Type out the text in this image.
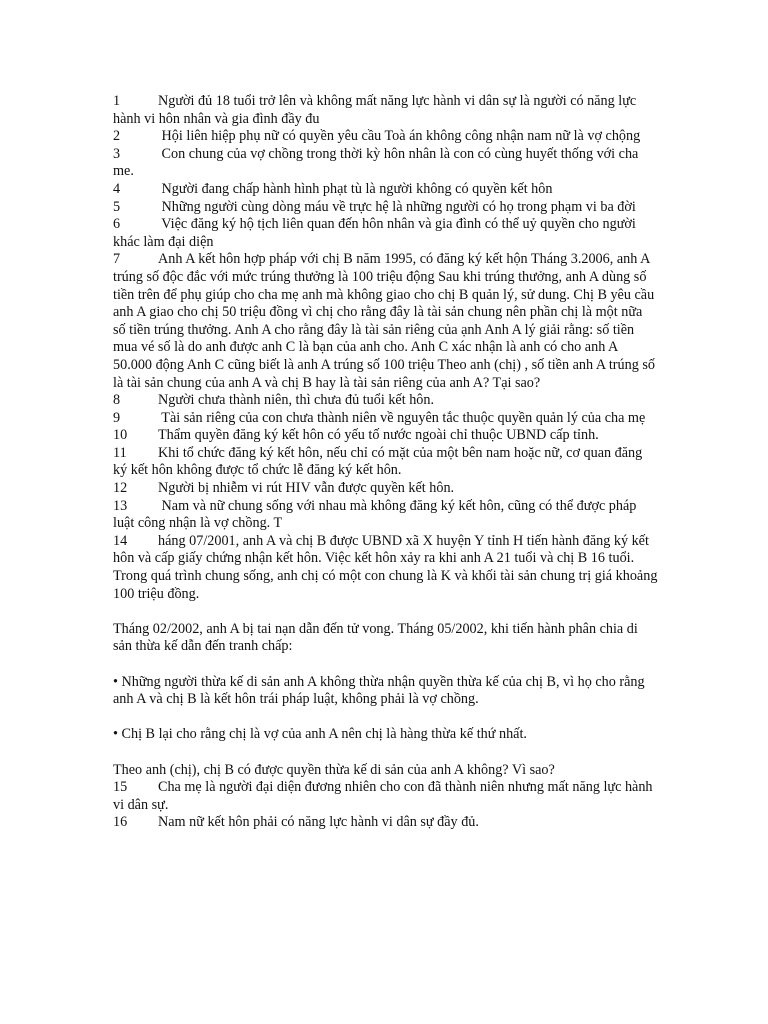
1	Người đủ 18 tuổi trở lên và không mất năng lực hành vi dân sự là người có năng lực hành vi hôn nhân và gia đình đầy đu

2	Hội liên hiệp phụ nữ có quyền yêu cầu Toà án không công nhận nam nữ là vợ chộng

3	Con chung của vợ chồng trong thời kỳ hôn nhân là con có cùng huyết thống với cha me.

4	Người đang chấp hành hình phạt tù là người không có quyền kết hôn

5	Những người cùng dòng máu về trực hệ là những người có họ trong phạm vi ba đời

6	Việc đăng ký hộ tịch liên quan đến hôn nhân và gia đình có thể uỷ quyền cho người khác làm đại diện

7	Anh A kết hôn hợp pháp với chị B năm 1995, có đăng ký kết hộn Tháng 3.2006, anh A trúng số độc đắc với mức trúng thưởng là 100 triệu động Sau khi trúng thưởng, anh A dùng số tiền trên để phụ giúp cho cha mẹ anh mà không giao cho chị B quản lý, sử dung. Chị B yêu cầu anh A giao cho chị 50 triệu đồng vì chị cho rằng đây là tài sản chung nên phần chị là một nữa số tiền trúng thưởng. Anh A cho rằng đây là tài sản riêng của ạnh Anh A lý giải rằng: số tiền mua vé số là do anh được anh C là bạn của anh cho. Anh C xác nhận là anh có cho anh A 50.000 động Anh C cũng biết là anh A trúng số 100 triệu Theo anh (chị) , số tiền anh A trúng số là tài sản chung của anh A và chị B hay là tài sản riêng của anh A? Tại sao?

8	Người chưa thành niên, thì chưa đủ tuổi kết hôn.

9	Tài sản riêng của con chưa thành niên về nguyên tắc thuộc quyền quản lý của cha mẹ

10 Thẩm quyền đăng ký kết hôn có yếu tố nước ngoài chỉ thuộc UBND cấp tỉnh.

11 Khi tổ chức đăng ký kết hôn, nếu chỉ có mặt của một bên nam hoặc nữ, cơ quan đăng ký kết hôn không được tổ chức lễ đăng ký kết hôn.

12 Người bị nhiễm vi rút HIV vẫn được quyền kết hôn.

13 Nam và nữ chung sống với nhau mà không đăng ký kết hôn, cũng có thể được pháp luật công nhận là vợ chồng. T

14 háng 07/2001, anh A và chị B được UBND xã X huyện Y tỉnh H tiến hành đăng ký kết hôn và cấp giấy chứng nhận kết hôn. Việc kết hôn xảy ra khi anh A 21 tuổi và chị B 16 tuổi. Trong quá trình chung sống, anh chị có một con chung là K và khối tài sản chung trị giá khoảng 100 triệu đồng.

Tháng 02/2002, anh A bị tai nạn dẫn đến tử vong. Tháng 05/2002, khi tiến hành phân chia di sản thừa kế dẫn đến tranh chấp:

• Những người thừa kế di sản anh A không thừa nhận quyền thừa kế của chị B, vì họ cho rằng anh A và chị B là kết hôn trái pháp luật, không phải là vợ chồng.

• Chị B lại cho rằng chị là vợ của anh A nên chị là hàng thừa kế thứ nhất.

Theo anh (chị), chị B có được quyền thừa kế di sản của anh A không? Vì sao?

15 Cha mẹ là người đại diện đương nhiên cho con đã thành niên nhưng mất năng lực hành vi dân sự.

16 Nam nữ kết hôn phải có năng lực hành vi dân sự đầy đủ.
